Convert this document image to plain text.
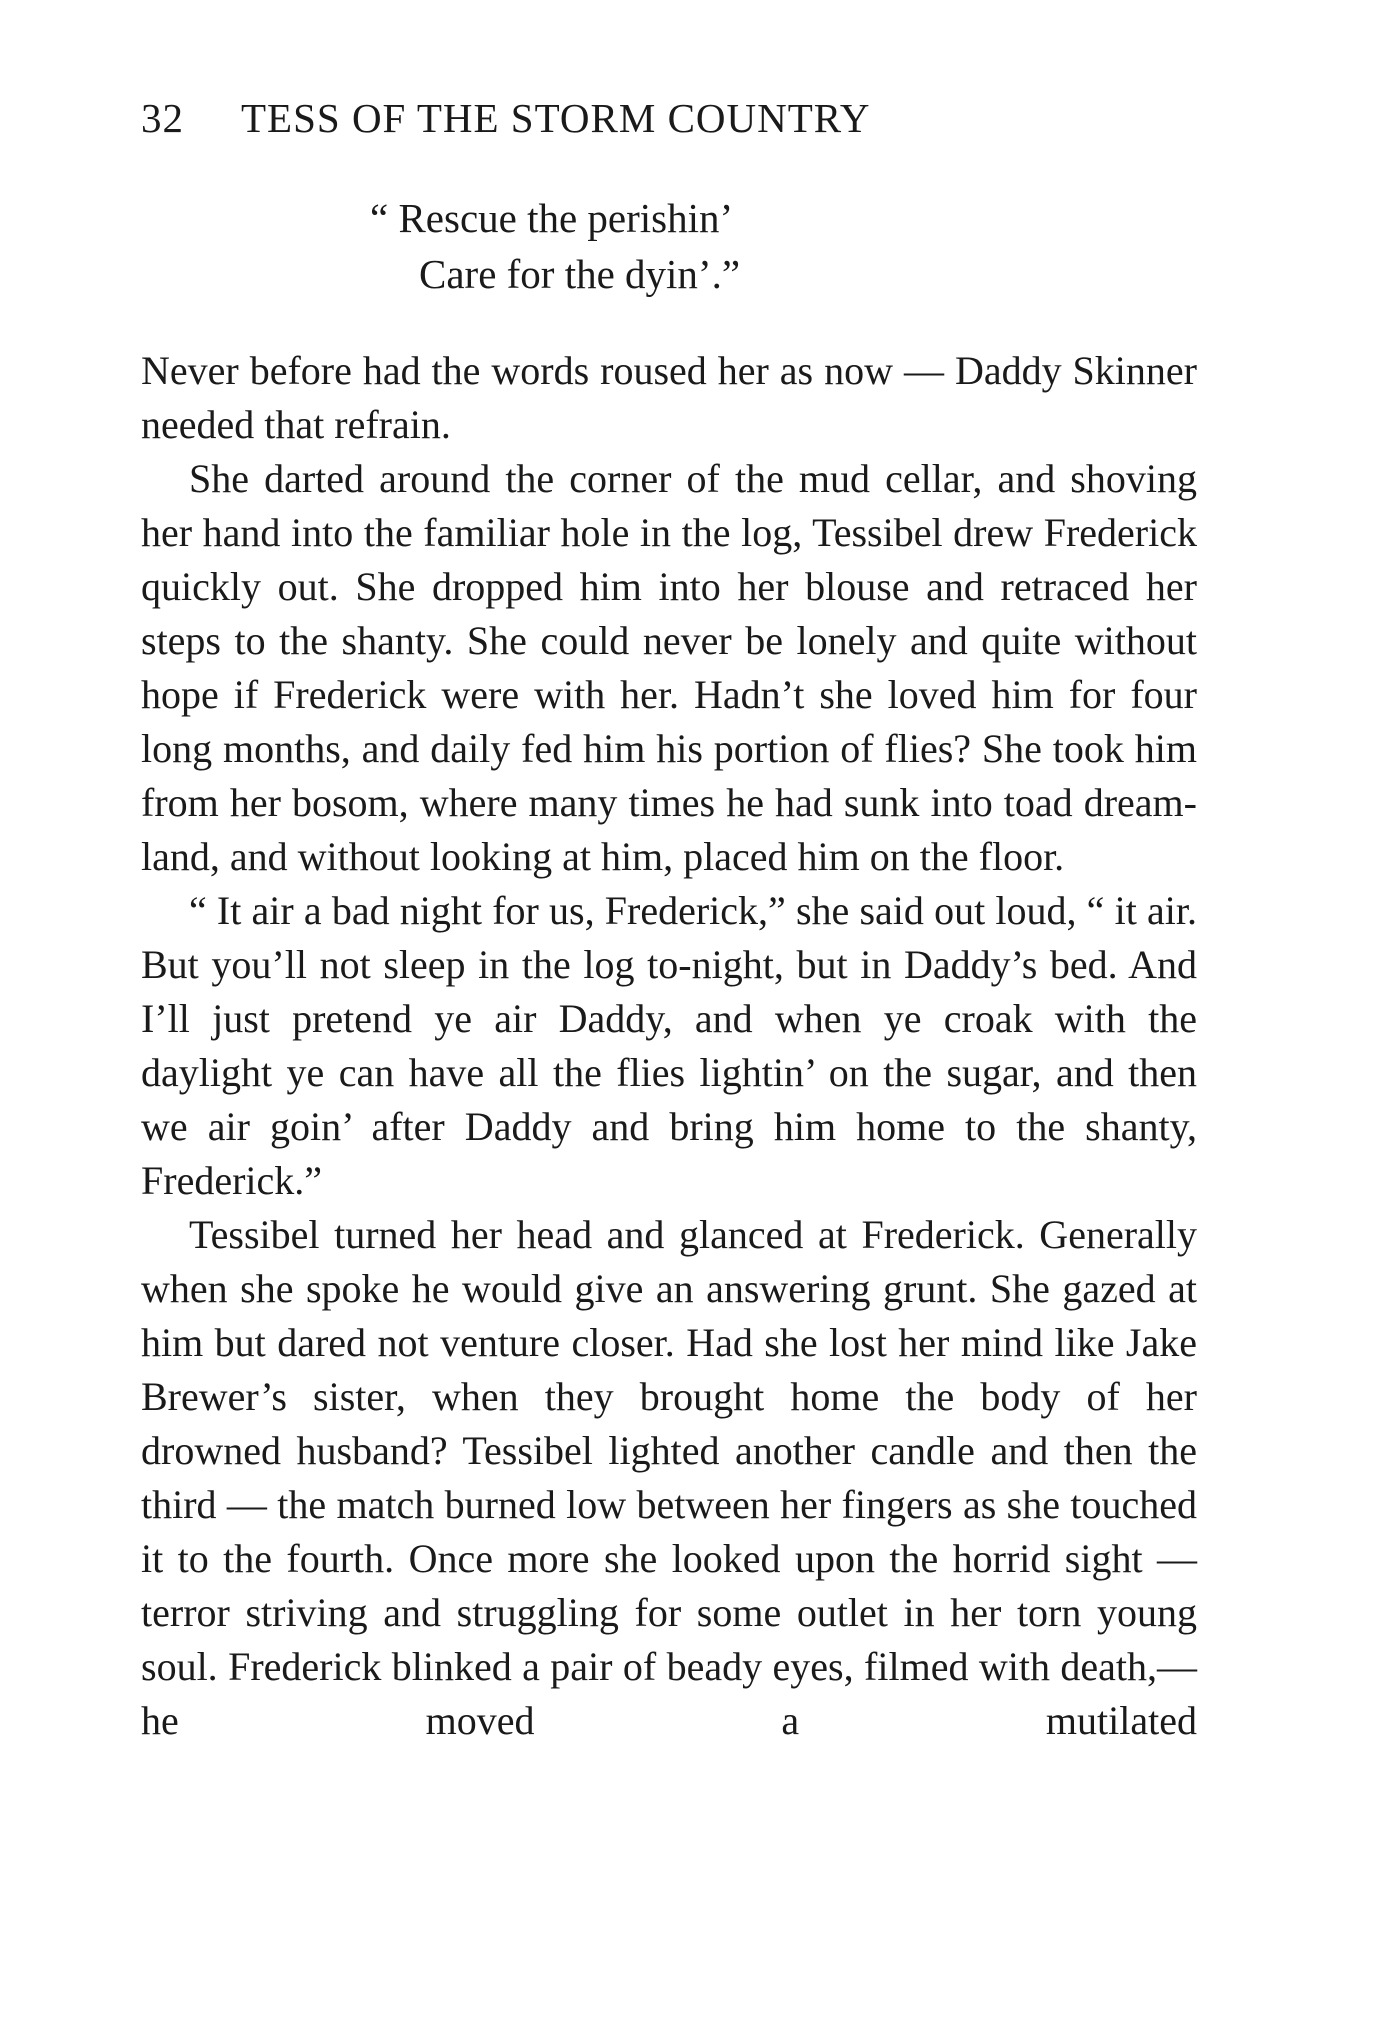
32 TESS OF THE STORM COUNTRY
“ Rescue the perishin’
Care for the dyin’.”

Never before had the words roused her as now — Daddy Skinner needed that refrain.

She darted around the corner of the mud cellar, and shoving her hand into the familiar hole in the log, Tessibel drew Frederick quickly out. She dropped him into her blouse and retraced her steps to the shanty. She could never be lonely and quite without hope if Frederick were with her. Hadn’t she loved him for four long months, and daily fed him his portion of flies? She took him from her bosom, where many times he had sunk into toad dream-land, and without looking at him, placed him on the floor.

“ It air a bad night for us, Frederick,” she said out loud, “ it air. But you’ll not sleep in the log to-night, but in Daddy’s bed. And I’ll just pretend ye air Daddy, and when ye croak with the daylight ye can have all the flies lightin’ on the sugar, and then we air goin’ after Daddy and bring him home to the shanty, Frederick.”

Tessibel turned her head and glanced at Frederick. Generally when she spoke he would give an answering grunt. She gazed at him but dared not venture closer. Had she lost her mind like Jake Brewer’s sister, when they brought home the body of her drowned husband? Tessibel lighted another candle and then the third — the match burned low between her fingers as she touched it to the fourth. Once more she looked upon the horrid sight — terror striving and struggling for some outlet in her torn young soul. Frederick blinked a pair of beady eyes, filmed with death,— he moved a mutilated
